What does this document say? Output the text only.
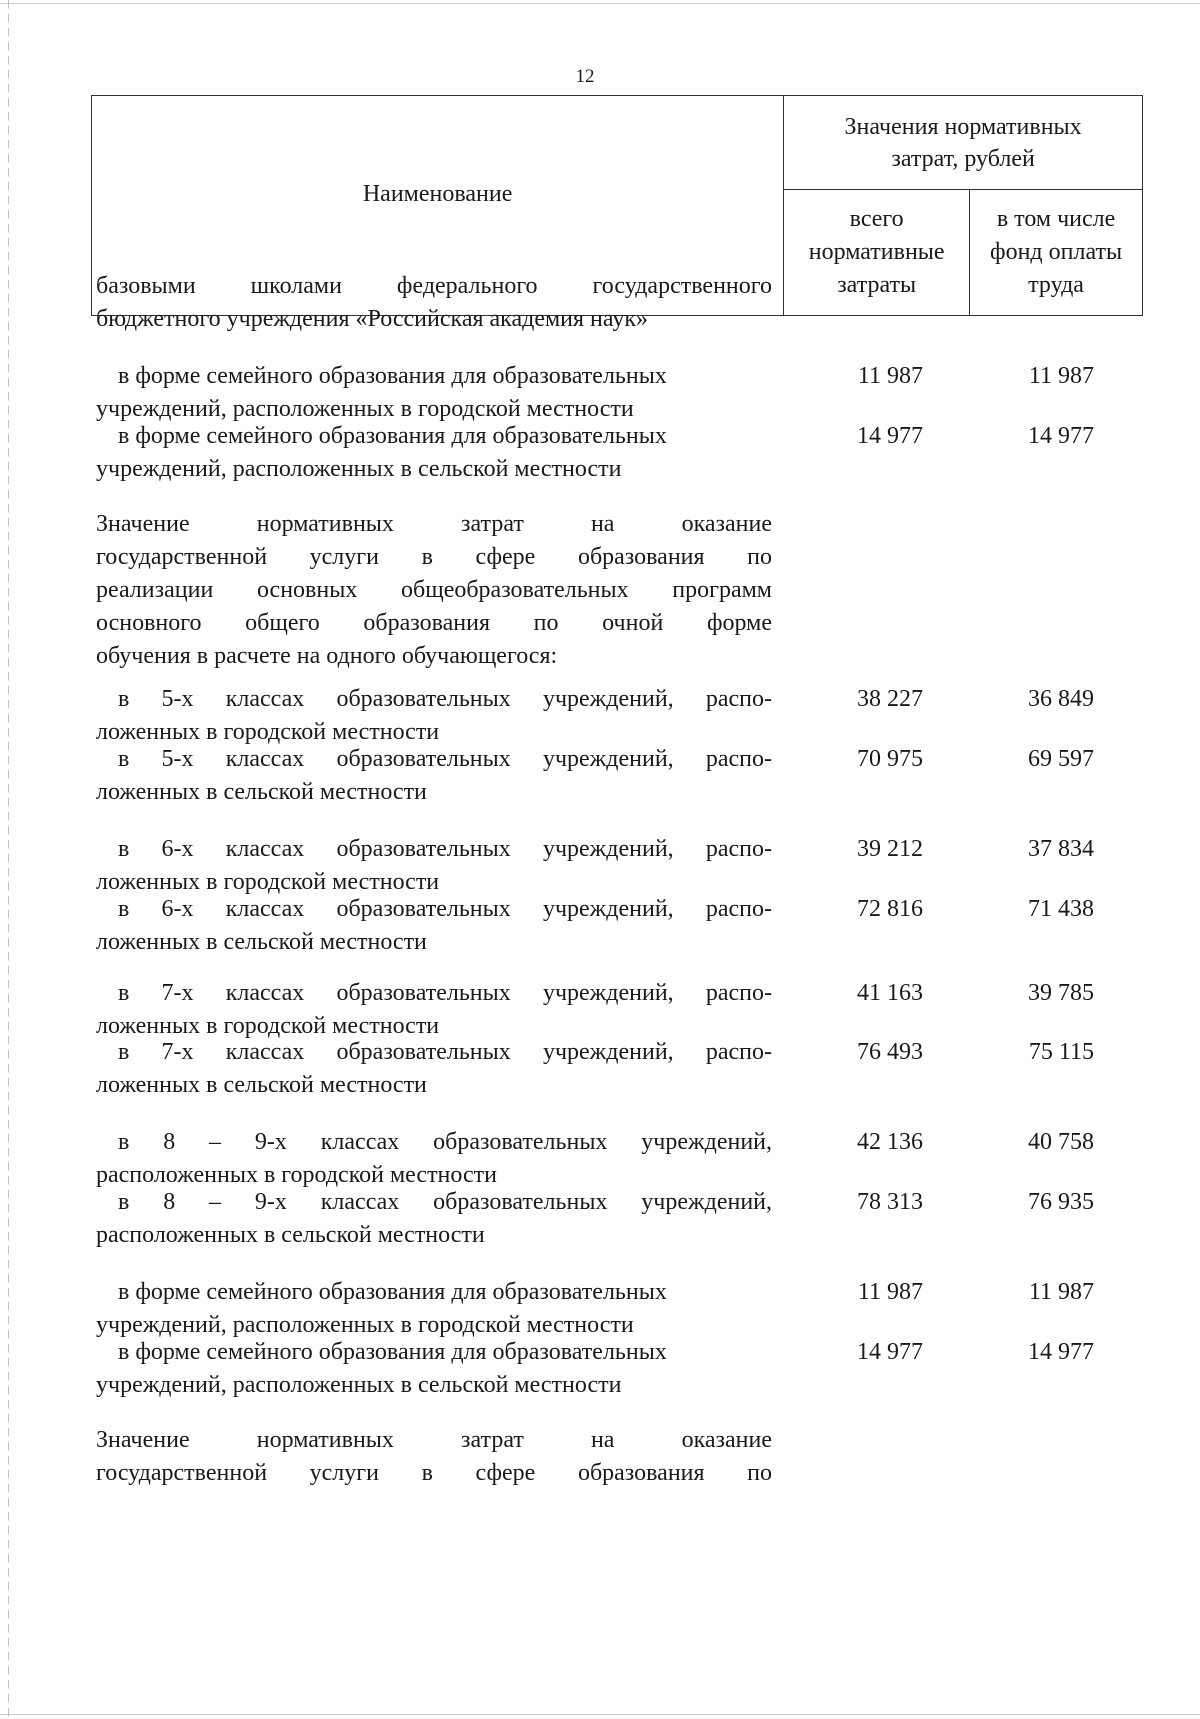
12
Наименование	Значения нормативных
затрат, рублей	
	всего
нормативные
затраты	в том числе
фонд оплаты
труда
базовыми школами федерального государственного
бюджетного учреждения «Российская академия наук»
в форме семейного образования для образовательных
учреждений, расположенных в городской местности
11 987	11 987
в форме семейного образования для образовательных
учреждений, расположенных в сельской местности
14 977	14 977
Значение нормативных затрат на оказание
государственной услуги в сфере образования по
реализации основных общеобразовательных программ
основного общего образования по очной форме
обучения в расчете на одного обучающегося:
в 5-х классах образовательных учреждений, распо-
ложенных в городской местности
38 227	36 849
в 5-х классах образовательных учреждений, распо-
ложенных в сельской местности
70 975	69 597
в 6-х классах образовательных учреждений, распо-
ложенных в городской местности
39 212	37 834
в 6-х классах образовательных учреждений, распо-
ложенных в сельской местности
72 816	71 438
в 7-х классах образовательных учреждений, распо-
ложенных в городской местности
41 163	39 785
в 7-х классах образовательных учреждений, распо-
ложенных в сельской местности
76 493	75 115
в 8 – 9-х классах образовательных учреждений,
расположенных в городской местности
42 136	40 758
в 8 – 9-х классах образовательных учреждений,
расположенных в сельской местности
78 313	76 935
в форме семейного образования для образовательных
учреждений, расположенных в городской местности
11 987	11 987
в форме семейного образования для образовательных
учреждений, расположенных в сельской местности
14 977	14 977
Значение нормативных затрат на оказание
государственной услуги в сфере образования по
